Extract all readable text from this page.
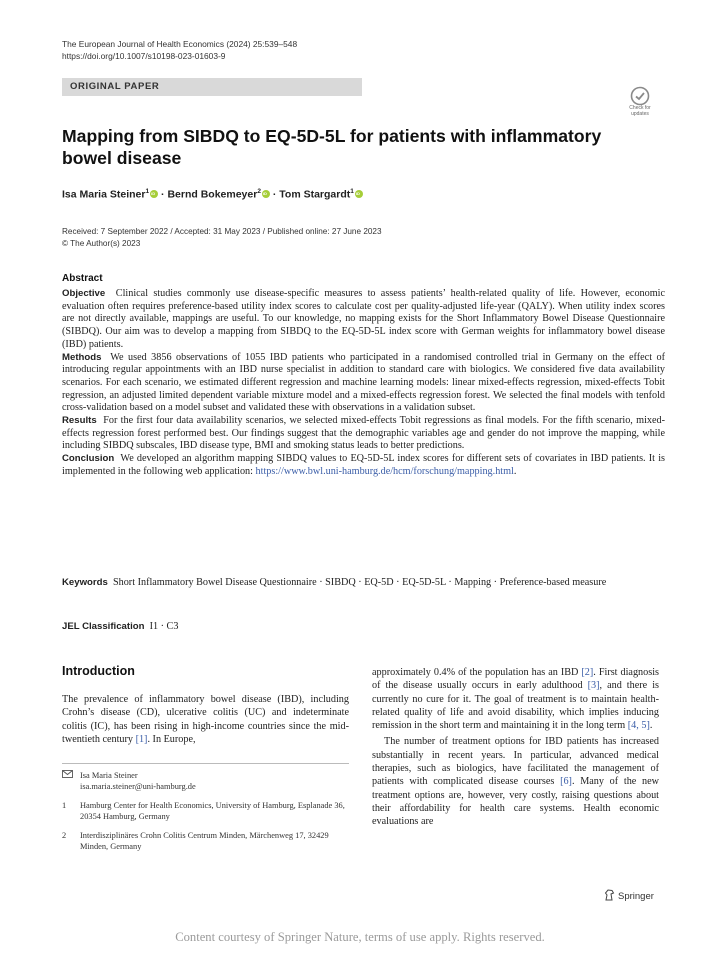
The European Journal of Health Economics (2024) 25:539–548
https://doi.org/10.1007/s10198-023-01603-9
ORIGINAL PAPER
Check for updates
Mapping from SIBDQ to EQ-5D-5L for patients with inflammatory bowel disease
Isa Maria Steiner$^1$iD · Bernd Bokemeyer$^2$iD · Tom Stargardt$^1$iD
Received: 7 September 2022 / Accepted: 31 May 2023 / Published online: 27 June 2023
© The Author(s) 2023
Abstract

Objective Clinical studies commonly use disease-specific measures to assess patients’ health-related quality of life. However, economic evaluation often requires preference-based utility index scores to calculate cost per quality-adjusted life-year (QALY). When utility index scores are not directly available, mappings are useful. To our knowledge, no mapping exists for the Short Inflammatory Bowel Disease Questionnaire (SIBDQ). Our aim was to develop a mapping from SIBDQ to the EQ-5D-5L index score with German weights for inflammatory bowel disease (IBD) patients.

Methods We used 3856 observations of 1055 IBD patients who participated in a randomised controlled trial in Germany on the effect of introducing regular appointments with an IBD nurse specialist in addition to standard care with biologics. We considered five data availability scenarios. For each scenario, we estimated different regression and machine learning models: linear mixed-effects regression, mixed-effects Tobit regression, an adjusted limited dependent variable mixture model and a mixed-effects regression forest. We selected the final models with tenfold cross-validation based on a model subset and validated these with observations in a validation subset.

Results For the first four data availability scenarios, we selected mixed-effects Tobit regressions as final models. For the fifth scenario, mixed-effects regression forest performed best. Our findings suggest that the demographic variables age and gender do not improve the mapping, while including SIBDQ subscales, IBD disease type, BMI and smoking status leads to better predictions.

Conclusion We developed an algorithm mapping SIBDQ values to EQ-5D-5L index scores for different sets of covariates in IBD patients. It is implemented in the following web application: https://www.bwl.uni-hamburg.de/hcm/forschung/mapping.html.

Keywords Short Inflammatory Bowel Disease Questionnaire · SIBDQ · EQ-5D · EQ-5D-5L · Mapping · Preference-based measure
JEL Classification I1 · C3
Introduction

The prevalence of inflammatory bowel disease (IBD), including Crohn’s disease (CD), ulcerative colitis (UC) and indeterminate colitis (IC), has been rising in high-income countries since the mid-twentieth century [1]. In Europe,

approximately 0.4% of the population has an IBD [2]. First diagnosis of the disease usually occurs in early adulthood [3], and there is currently no cure for it. The goal of treatment is to maintain health-related quality of life and avoid disability, which implies inducing remission in the short term and maintaining it in the long term [4, 5].

The number of treatment options for IBD patients has increased substantially in recent years. In particular, advanced medical therapies, such as biologics, have facilitated the management of patients with complicated disease courses [6]. Many of the new treatment options are, however, very costly, raising questions about their affordability for health care systems. Health economic evaluations are

Isa Maria Steiner
isa.maria.steiner@uni-hamburg.de
1 Hamburg Center for Health Economics, University of Hamburg, Esplanade 36, 20354 Hamburg, Germany
2 Interdisziplinäres Crohn Colitis Centrum Minden, Märchenweg 17, 32429 Minden, Germany
Springer
Content courtesy of Springer Nature, terms of use apply. Rights reserved.
